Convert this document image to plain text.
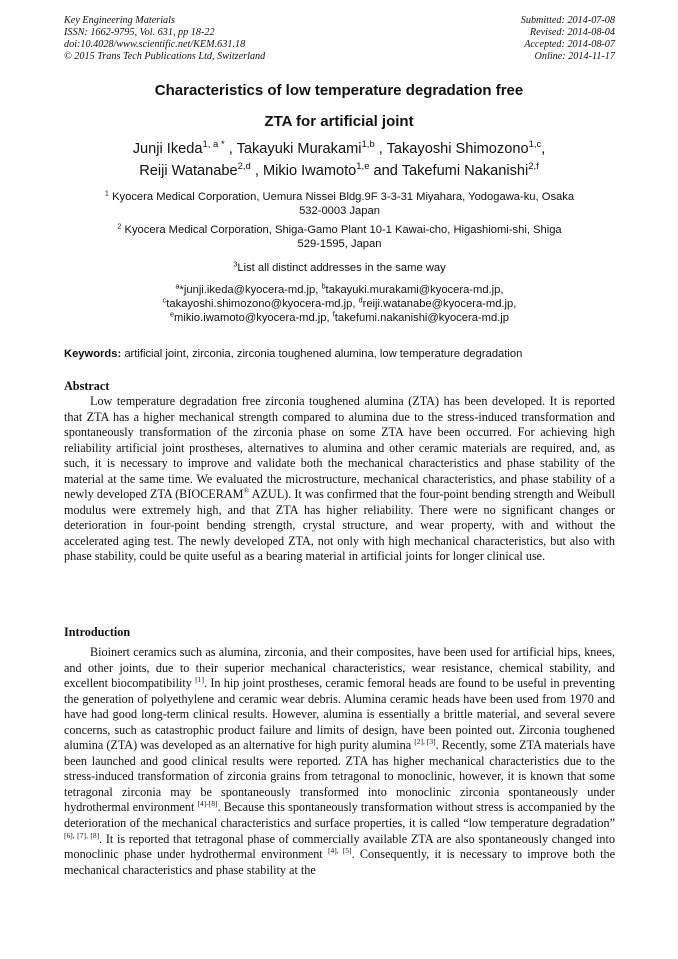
Key Engineering Materials
ISSN: 1662-9795, Vol. 631, pp 18-22
doi:10.4028/www.scientific.net/KEM.631.18
© 2015 Trans Tech Publications Ltd, Switzerland
Submitted: 2014-07-08
Revised: 2014-08-04
Accepted: 2014-08-07
Online: 2014-11-17
Characteristics of low temperature degradation free
ZTA for artificial joint
Junji Ikeda$^{1, a *}$ , Takayuki Murakami$^{1,b}$ , Takayoshi Shimozono$^{1,c}$,
Reiji Watanabe$^{2,d}$ , Mikio Iwamoto$^{1,e}$ and Takefumi Nakanishi$^{2,f}$
$^1$ Kyocera Medical Corporation, Uemura Nissei Bldg.9F 3-3-31 Miyahara, Yodogawa-ku, Osaka
532-0003 Japan
$^2$ Kyocera Medical Corporation, Shiga-Gamo Plant 10-1 Kawai-cho, Higashiomi-shi, Shiga
529-1595, Japan
$^3$List all distinct addresses in the same way
$^a$*junji.ikeda@kyocera-md.jp, $^b$takayuki.murakami@kyocera-md.jp,
$^c$takayoshi.shimozono@kyocera-md.jp, $^d$reiji.watanabe@kyocera-md.jp,
$^e$mikio.iwamoto@kyocera-md.jp, $^f$takefumi.nakanishi@kyocera-md.jp
Keywords: artificial joint, zirconia, zirconia toughened alumina, low temperature degradation
Abstract
Low temperature degradation free zirconia toughened alumina (ZTA) has been developed. It is reported that ZTA has a higher mechanical strength compared to alumina due to the stress-induced transformation and spontaneously transformation of the zirconia phase on some ZTA have been occurred. For achieving high reliability artificial joint prostheses, alternatives to alumina and other ceramic materials are required, and, as such, it is necessary to improve and validate both the mechanical characteristics and phase stability of the material at the same time. We evaluated the microstructure, mechanical characteristics, and phase stability of a newly developed ZTA (BIOCERAM® AZUL). It was confirmed that the four-point bending strength and Weibull modulus were extremely high, and that ZTA has higher reliability. There were no significant changes or deterioration in four-point bending strength, crystal structure, and wear property, with and without the accelerated aging test. The newly developed ZTA, not only with high mechanical characteristics, but also with phase stability, could be quite useful as a bearing material in artificial joints for longer clinical use.
Introduction
Bioinert ceramics such as alumina, zirconia, and their composites, have been used for artificial hips, knees, and other joints, due to their superior mechanical characteristics, wear resistance, chemical stability, and excellent biocompatibility [1]. In hip joint prostheses, ceramic femoral heads are found to be useful in preventing the generation of polyethylene and ceramic wear debris. Alumina ceramic heads have been used from 1970 and have had good long-term clinical results. However, alumina is essentially a brittle material, and several severe concerns, such as catastrophic product failure and limits of design, have been pointed out. Zirconia toughened alumina (ZTA) was developed as an alternative for high purity alumina [2], [3]. Recently, some ZTA materials have been launched and good clinical results were reported. ZTA has higher mechanical characteristics due to the stress-induced transformation of zirconia grains from tetragonal to monoclinic, however, it is known that some tetragonal zirconia may be spontaneously transformed into monoclinic zirconia spontaneously under hydrothermal environment [4]-[8]. Because this spontaneously transformation without stress is accompanied by the deterioration of the mechanical characteristics and surface properties, it is called “low temperature degradation” [6], [7], [8]. It is reported that tetragonal phase of commercially available ZTA are also spontaneously changed into monoclinic phase under hydrothermal environment [4], [5]. Consequently, it is necessary to improve both the mechanical characteristics and phase stability at the
